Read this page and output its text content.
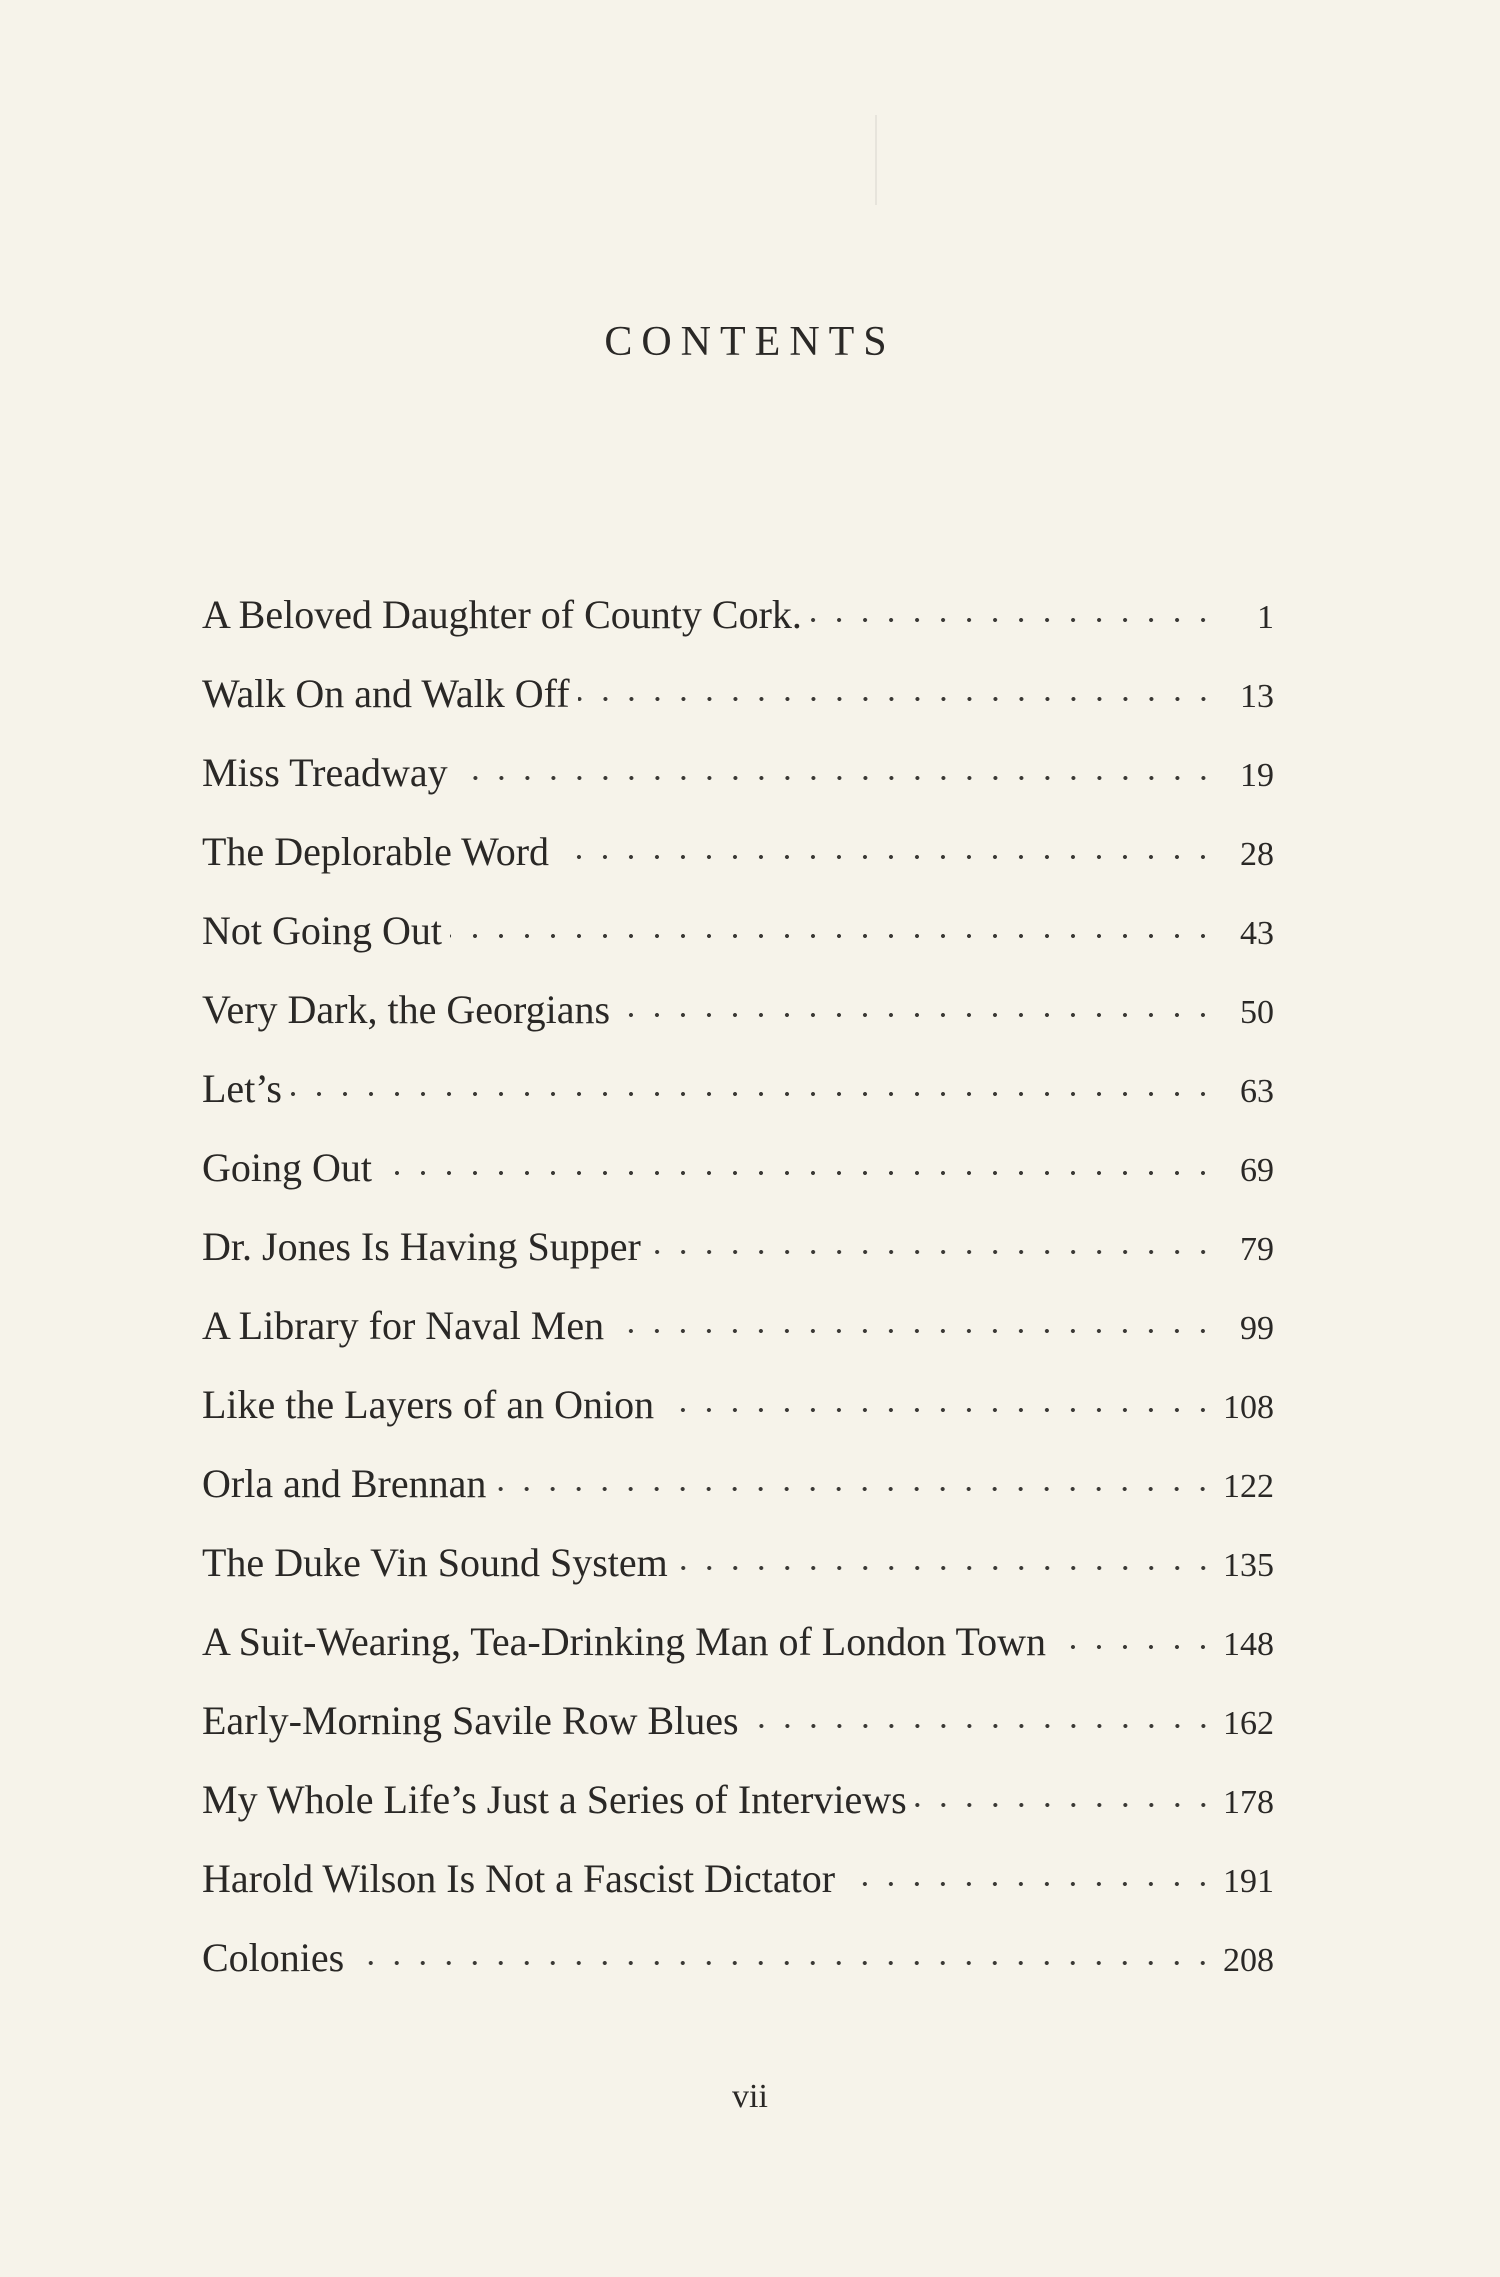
CONTENTS
A Beloved Daughter of County Cork.	1
Walk On and Walk Off	13
Miss Treadway	19
The Deplorable Word	28
Not Going Out	43
Very Dark, the Georgians	50
Let’s	63
Going Out	69
Dr. Jones Is Having Supper	79
A Library for Naval Men	99
Like the Layers of an Onion	108
Orla and Brennan	122
The Duke Vin Sound System	135
A Suit-Wearing, Tea-Drinking Man of London Town	148
Early-Morning Savile Row Blues	162
My Whole Life’s Just a Series of Interviews	178
Harold Wilson Is Not a Fascist Dictator	191
Colonies	208
vii
